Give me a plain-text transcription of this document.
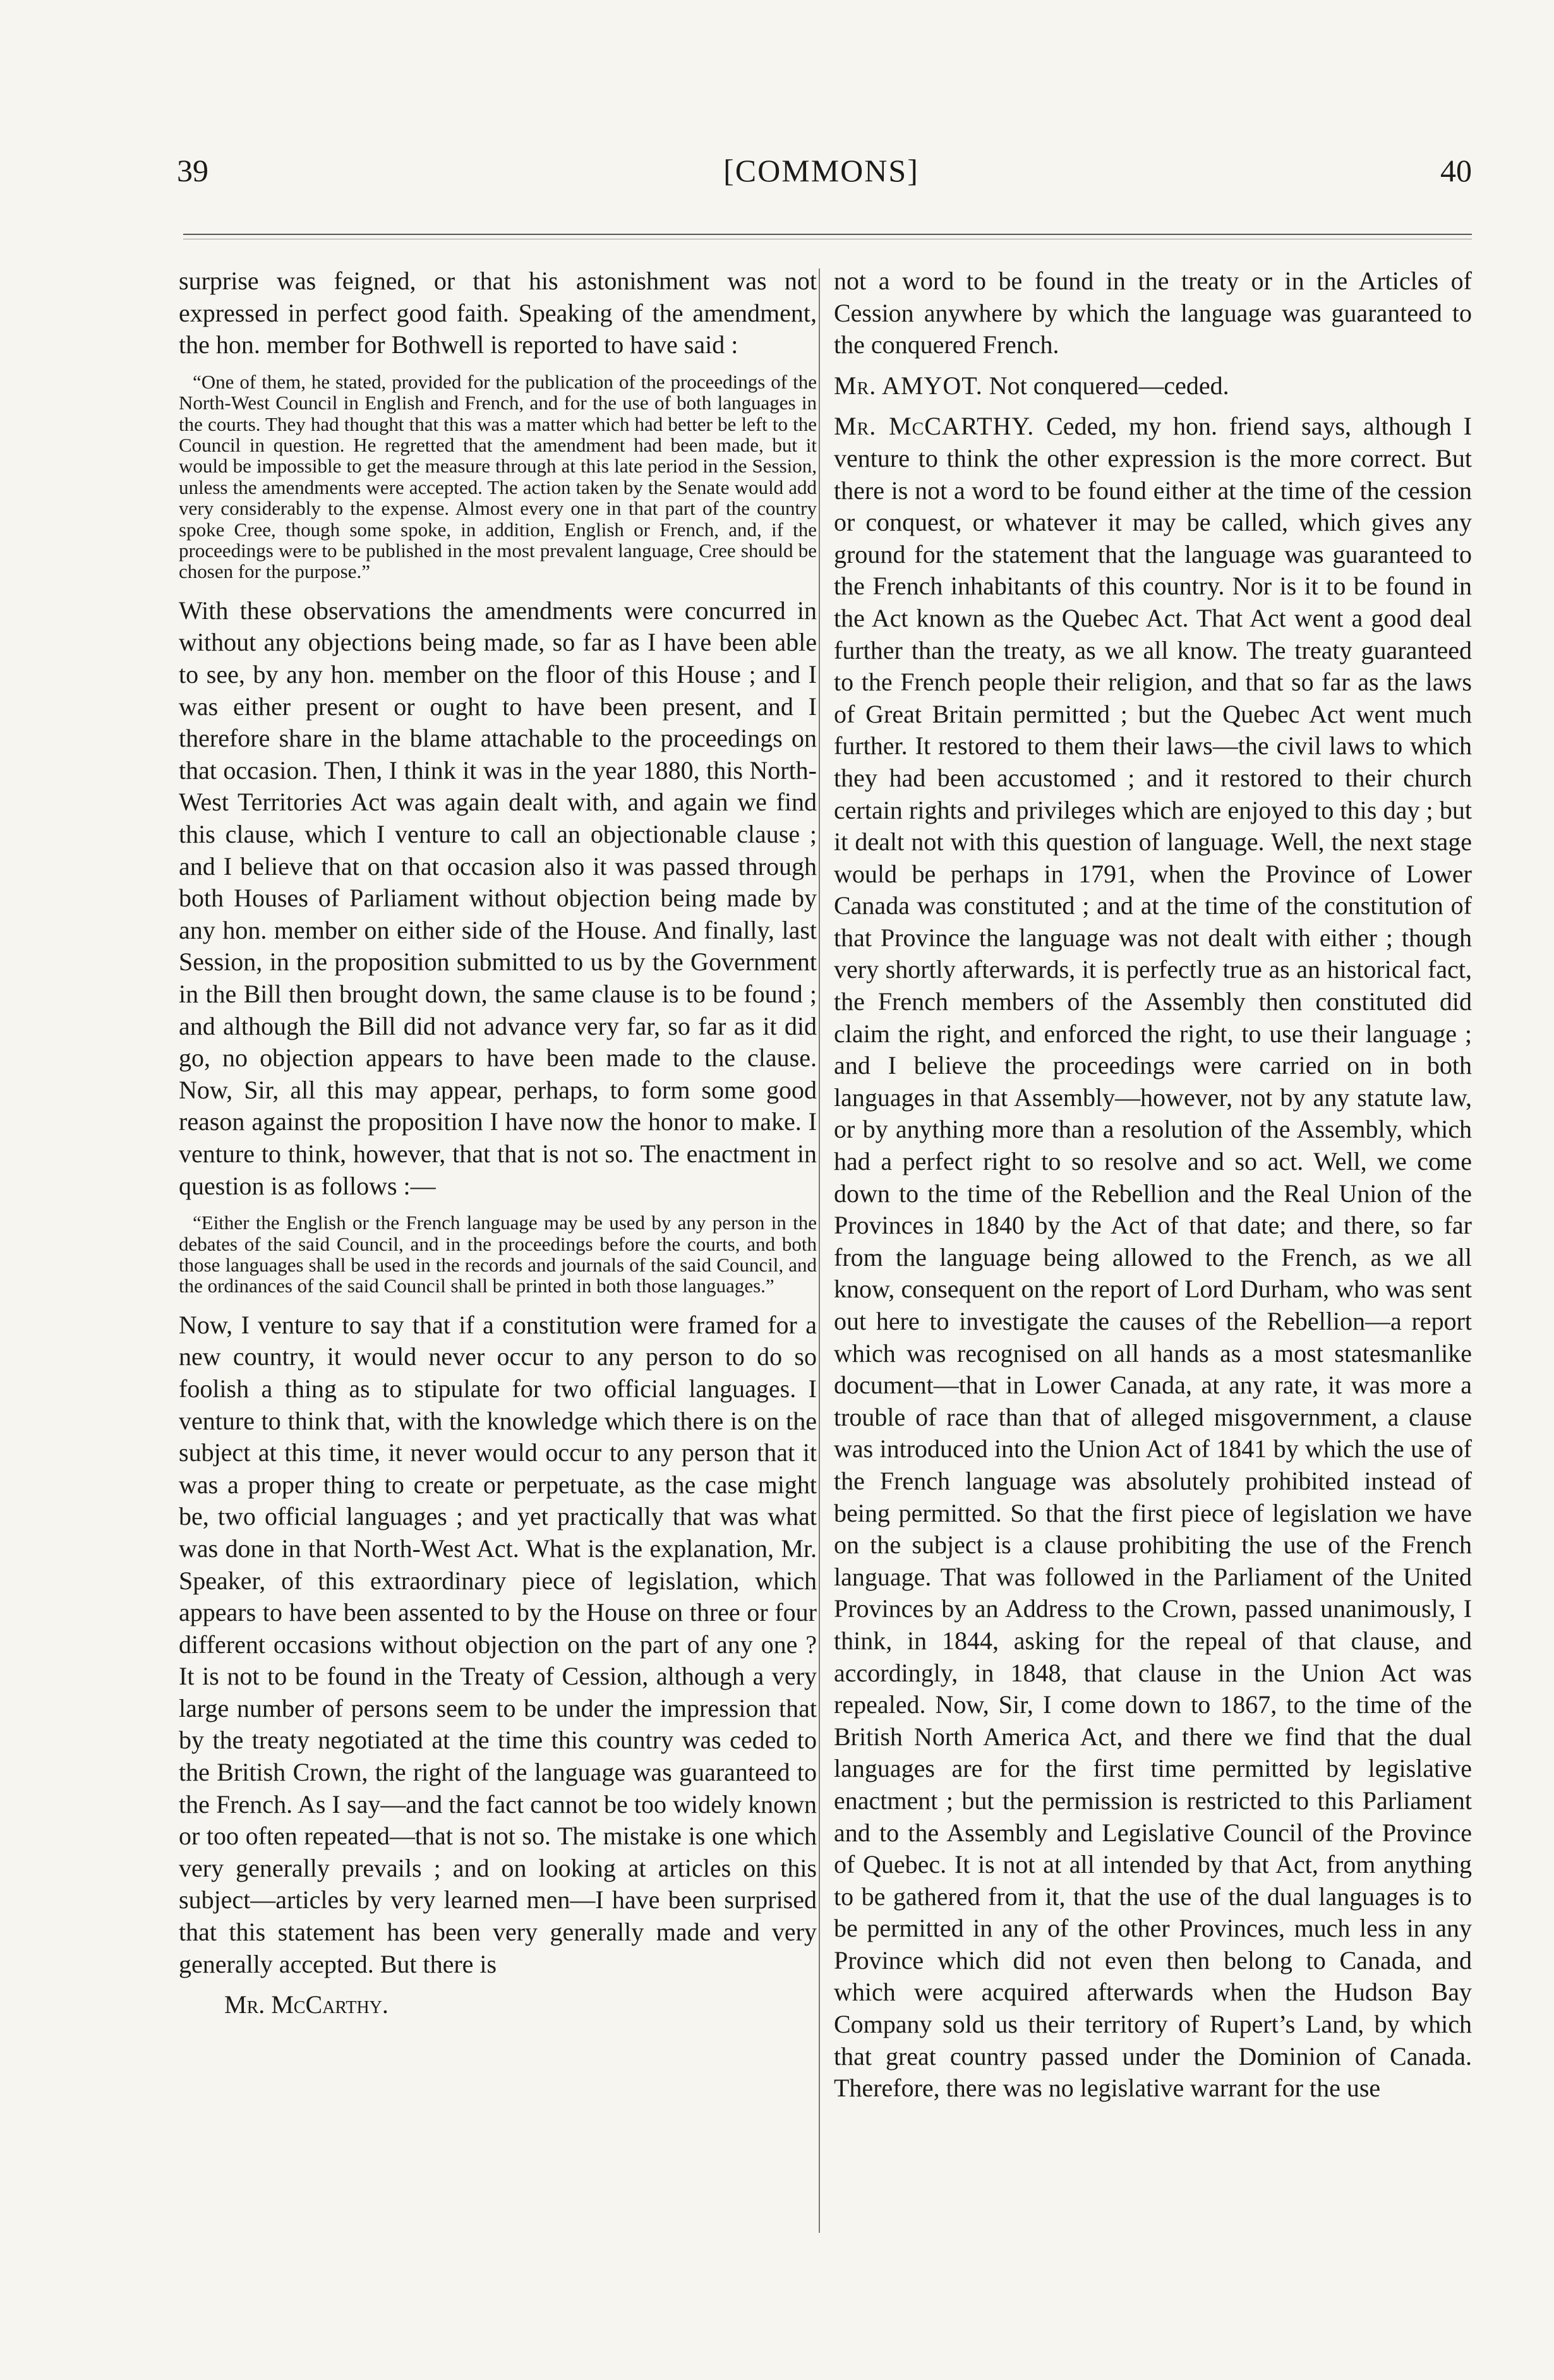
39	[COMMONS]	40

surprise was feigned, or that his astonishment was not expressed in perfect good faith. Speaking of the amendment, the hon. member for Bothwell is reported to have said :

“One of them, he stated, provided for the publication of the proceedings of the North-West Council in English and French, and for the use of both languages in the courts. They had thought that this was a matter which had better be left to the Council in question. He regretted that the amendment had been made, but it would be impossible to get the measure through at this late period in the Session, unless the amendments were accepted. The action taken by the Senate would add very considerably to the expense. Almost every one in that part of the country spoke Cree, though some spoke, in addition, English or French, and, if the proceedings were to be published in the most prevalent language, Cree should be chosen for the purpose.”

With these observations the amendments were concurred in without any objections being made, so far as I have been able to see, by any hon. member on the floor of this House ; and I was either present or ought to have been present, and I therefore share in the blame attachable to the proceedings on that occasion. Then, I think it was in the year 1880, this North-West Territories Act was again dealt with, and again we find this clause, which I venture to call an objectionable clause ; and I believe that on that occasion also it was passed through both Houses of Parliament without objection being made by any hon. member on either side of the House. And finally, last Session, in the proposition submitted to us by the Government in the Bill then brought down, the same clause is to be found ; and although the Bill did not advance very far, so far as it did go, no objection appears to have been made to the clause. Now, Sir, all this may appear, perhaps, to form some good reason against the proposition I have now the honor to make. I venture to think, however, that that is not so. The enactment in question is as follows :—

“Either the English or the French language may be used by any person in the debates of the said Council, and in the proceedings before the courts, and both those languages shall be used in the records and journals of the said Council, and the ordinances of the said Council shall be printed in both those languages.”

Now, I venture to say that if a constitution were framed for a new country, it would never occur to any person to do so foolish a thing as to stipulate for two official languages. I venture to think that, with the knowledge which there is on the subject at this time, it never would occur to any person that it was a proper thing to create or perpetuate, as the case might be, two official languages ; and yet practically that was what was done in that North-West Act. What is the explanation, Mr. Speaker, of this extraordinary piece of legislation, which appears to have been assented to by the House on three or four different occasions without objection on the part of any one ? It is not to be found in the Treaty of Cession, although a very large number of persons seem to be under the impression that by the treaty negotiated at the time this country was ceded to the British Crown, the right of the language was guaranteed to the French. As I say—and the fact cannot be too widely known or too often repeated—that is not so. The mistake is one which very generally prevails ; and on looking at articles on this subject—articles by very learned men—I have been surprised that this statement has been very generally made and very generally accepted. But there is

Mr. McCarthy.

not a word to be found in the treaty or in the Articles of Cession anywhere by which the language was guaranteed to the conquered French.

Mr. AMYOT. Not conquered—ceded.

Mr. McCARTHY. Ceded, my hon. friend says, although I venture to think the other expression is the more correct. But there is not a word to be found either at the time of the cession or conquest, or whatever it may be called, which gives any ground for the statement that the language was guaranteed to the French inhabitants of this country. Nor is it to be found in the Act known as the Quebec Act. That Act went a good deal further than the treaty, as we all know. The treaty guaranteed to the French people their religion, and that so far as the laws of Great Britain permitted ; but the Quebec Act went much further. It restored to them their laws—the civil laws to which they had been accustomed ; and it restored to their church certain rights and privileges which are enjoyed to this day ; but it dealt not with this question of language. Well, the next stage would be perhaps in 1791, when the Province of Lower Canada was constituted ; and at the time of the constitution of that Province the language was not dealt with either ; though very shortly afterwards, it is perfectly true as an historical fact, the French members of the Assembly then constituted did claim the right, and enforced the right, to use their language ; and I believe the proceedings were carried on in both languages in that Assembly—however, not by any statute law, or by anything more than a resolution of the Assembly, which had a perfect right to so resolve and so act. Well, we come down to the time of the Rebellion and the Real Union of the Provinces in 1840 by the Act of that date; and there, so far from the language being allowed to the French, as we all know, consequent on the report of Lord Durham, who was sent out here to investigate the causes of the Rebellion—a report which was recognised on all hands as a most statesmanlike document—that in Lower Canada, at any rate, it was more a trouble of race than that of alleged misgovernment, a clause was introduced into the Union Act of 1841 by which the use of the French language was absolutely prohibited instead of being permitted. So that the first piece of legislation we have on the subject is a clause prohibiting the use of the French language. That was followed in the Parliament of the United Provinces by an Address to the Crown, passed unanimously, I think, in 1844, asking for the repeal of that clause, and accordingly, in 1848, that clause in the Union Act was repealed. Now, Sir, I come down to 1867, to the time of the British North America Act, and there we find that the dual languages are for the first time permitted by legislative enactment ; but the permission is restricted to this Parliament and to the Assembly and Legislative Council of the Province of Quebec. It is not at all intended by that Act, from anything to be gathered from it, that the use of the dual languages is to be permitted in any of the other Provinces, much less in any Province which did not even then belong to Canada, and which were acquired afterwards when the Hudson Bay Company sold us their territory of Rupert’s Land, by which that great country passed under the Dominion of Canada. Therefore, there was no legislative warrant for the use
